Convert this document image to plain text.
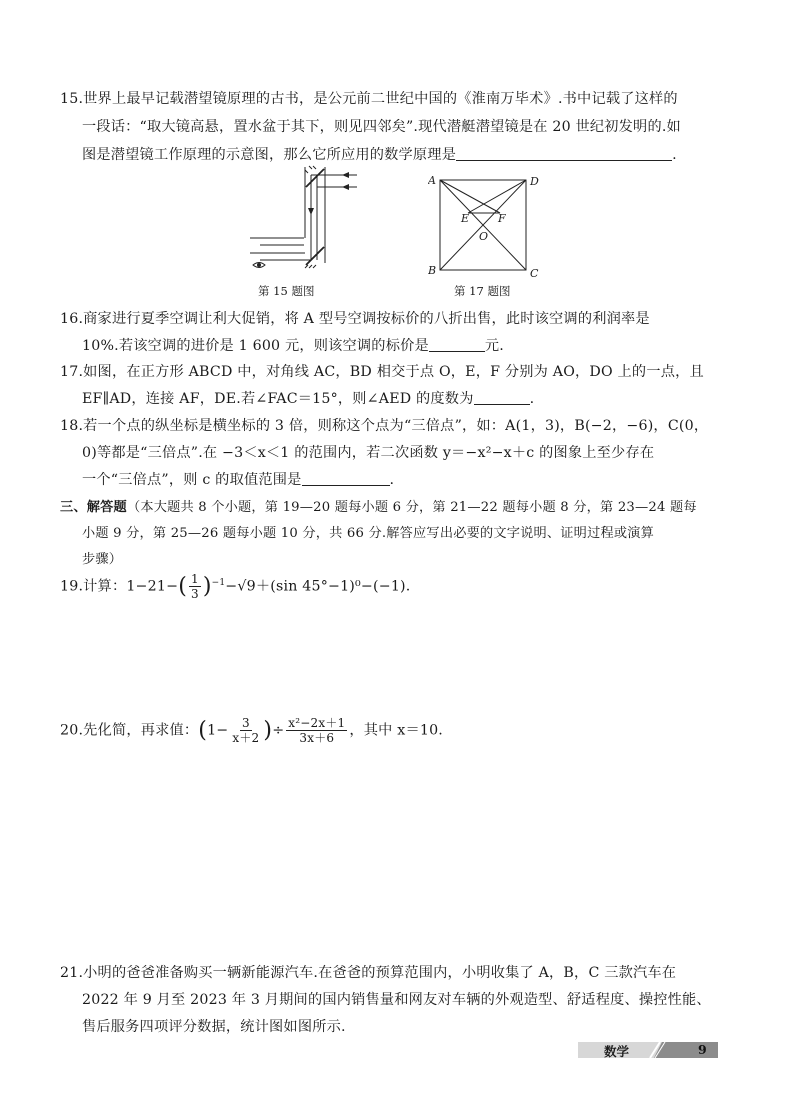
15.世界上最早记载潜望镜原理的古书，是公元前二世纪中国的《淮南万毕术》.书中记载了这样的
一段话：“取大镜高悬，置水盆于其下，则见四邻矣”.现代潜艇潜望镜是在 20 世纪初发明的.如
图是潜望镜工作原理的示意图，那么它所应用的数学原理是	.
第 15 题图
A	D
B	C
E	F
O
第 17 题图
16.商家进行夏季空调让利大促销，将 A 型号空调按标价的八折出售，此时该空调的利润率是
10%.若该空调的进价是 1 600 元，则该空调的标价是	元.
17.如图，在正方形 ABCD 中，对角线 AC，BD 相交于点 O，E，F 分别为 AO，DO 上的一点，且
EF∥AD，连接 AF，DE.若∠FAC＝15°，则∠AED 的度数为	.
18.若一个点的纵坐标是横坐标的 3 倍，则称这个点为“三倍点”，如：A(1，3)，B(−2，−6)，C(0，
0)等都是“三倍点”.在 −3＜x＜1 的范围内，若二次函数 y＝−x²−x＋c 的图象上至少存在
一个“三倍点”，则 c 的取值范围是	.
三、解答题（本大题共 8 个小题，第 19—20 题每小题 6 分，第 21—22 题每小题 8 分，第 23—24 题每
小题 9 分，第 25—26 题每小题 10 分，共 66 分.解答应写出必要的文字说明、证明过程或演算
步骤）
19.计算：$1-21-( \frac{1}{3} )^{-1}-√9+(\sin$ 45°−1)⁰−(−1).
20.先化简，再求值：($1- \frac{3}{x+2}$ )÷ $\frac{\text{x²−2x＋1}}{3x+6}$ ，其中 x＝10.
21.小明的爸爸准备购买一辆新能源汽车.在爸爸的预算范围内，小明收集了 A，B，C 三款汽车在
2022 年 9 月至 2023 年 3 月期间的国内销售量和网友对车辆的外观造型、舒适程度、操控性能、
售后服务四项评分数据，统计图如图所示.
数学	9
